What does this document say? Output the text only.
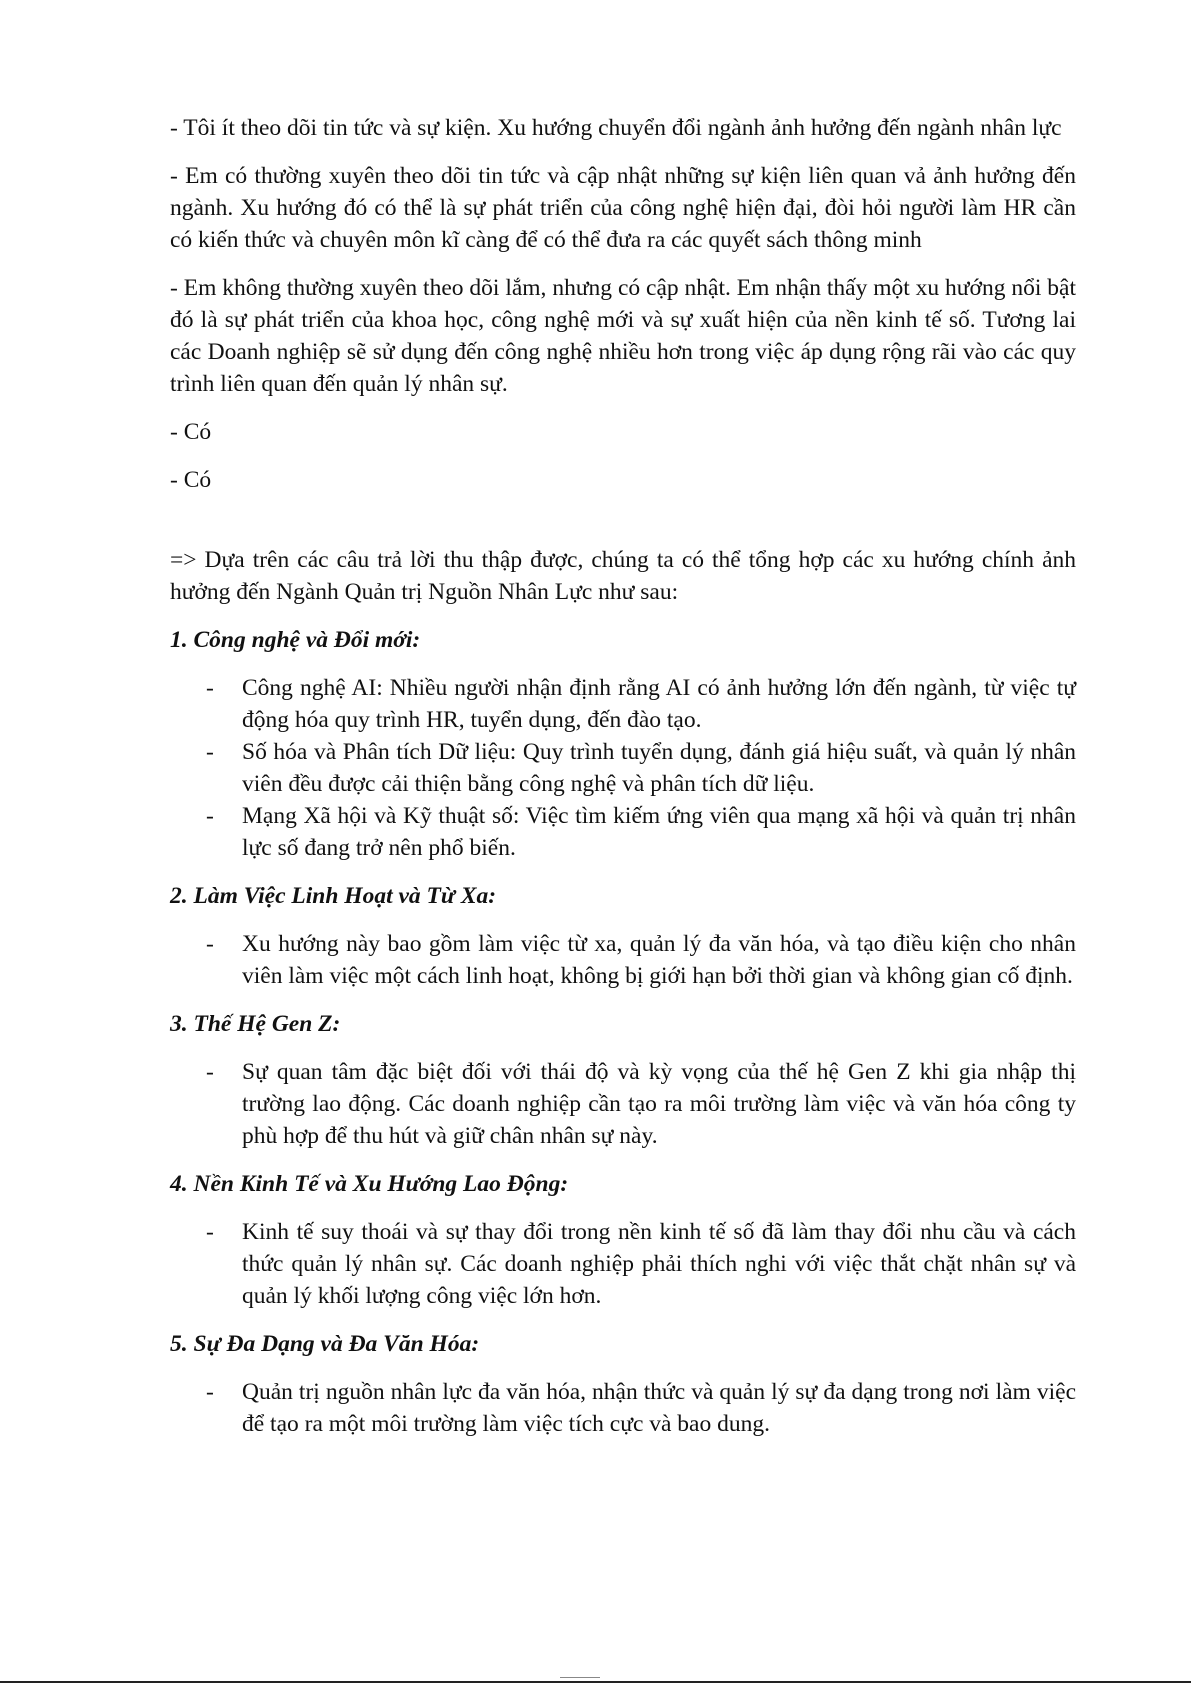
- Tôi ít theo dõi tin tức và sự kiện. Xu hướng chuyển đổi ngành ảnh hưởng đến ngành nhân lực

- Em có thường xuyên theo dõi tin tức và cập nhật những sự kiện liên quan vả ảnh hưởng đến ngành. Xu hướng đó có thể là sự phát triển của công nghệ hiện đại, đòi hỏi người làm HR cần có kiến thức và chuyên môn kĩ càng để có thể đưa ra các quyết sách thông minh

- Em không thường xuyên theo dõi lắm, nhưng có cập nhật. Em nhận thấy một xu hướng nổi bật đó là sự phát triển của khoa học, công nghệ mới và sự xuất hiện của nền kinh tế số. Tương lai các Doanh nghiệp sẽ sử dụng đến công nghệ nhiều hơn trong việc áp dụng rộng rãi vào các quy trình liên quan đến quản lý nhân sự.

- Có

- Có

=> Dựa trên các câu trả lời thu thập được, chúng ta có thể tổng hợp các xu hướng chính ảnh hưởng đến Ngành Quản trị Nguồn Nhân Lực như sau:

1. Công nghệ và Đổi mới:

- Công nghệ AI: Nhiều người nhận định rằng AI có ảnh hưởng lớn đến ngành, từ việc tự động hóa quy trình HR, tuyển dụng, đến đào tạo.
- Số hóa và Phân tích Dữ liệu: Quy trình tuyển dụng, đánh giá hiệu suất, và quản lý nhân viên đều được cải thiện bằng công nghệ và phân tích dữ liệu.
- Mạng Xã hội và Kỹ thuật số: Việc tìm kiếm ứng viên qua mạng xã hội và quản trị nhân lực số đang trở nên phổ biến.

2. Làm Việc Linh Hoạt và Từ Xa:

- Xu hướng này bao gồm làm việc từ xa, quản lý đa văn hóa, và tạo điều kiện cho nhân viên làm việc một cách linh hoạt, không bị giới hạn bởi thời gian và không gian cố định.

3. Thế Hệ Gen Z:

- Sự quan tâm đặc biệt đối với thái độ và kỳ vọng của thế hệ Gen Z khi gia nhập thị trường lao động. Các doanh nghiệp cần tạo ra môi trường làm việc và văn hóa công ty phù hợp để thu hút và giữ chân nhân sự này.

4. Nền Kinh Tế và Xu Hướng Lao Động:

- Kinh tế suy thoái và sự thay đổi trong nền kinh tế số đã làm thay đổi nhu cầu và cách thức quản lý nhân sự. Các doanh nghiệp phải thích nghi với việc thắt chặt nhân sự và quản lý khối lượng công việc lớn hơn.

5. Sự Đa Dạng và Đa Văn Hóa:

- Quản trị nguồn nhân lực đa văn hóa, nhận thức và quản lý sự đa dạng trong nơi làm việc để tạo ra một môi trường làm việc tích cực và bao dung.
